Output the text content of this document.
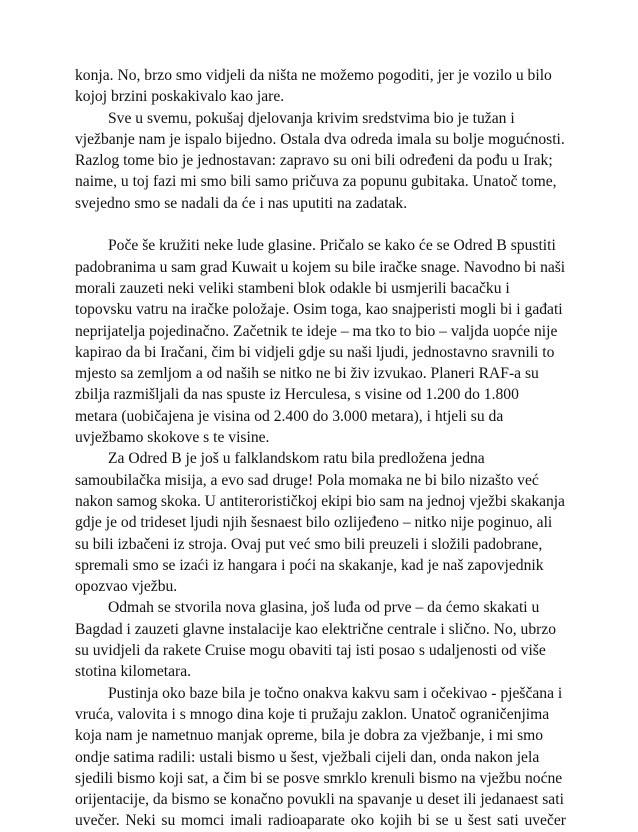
konja. No, brzo smo vidjeli da ništa ne možemo pogoditi, jer je vozilo u bilo
kojoj brzini poskakivalo kao jare.
Sve u svemu, pokušaj djelovanja krivim sredstvima bio je tužan i
vježbanje nam je ispalo bijedno. Ostala dva odreda imala su bolje mogućnosti.
Razlog tome bio je jednostavan: zapravo su oni bili određeni da pođu u Irak;
naime, u toj fazi mi smo bili samo pričuva za popunu gubitaka. Unatoč tome,
svejedno smo se nadali da će i nas uputiti na zadatak.
Poče še kružiti neke lude glasine. Pričalo se kako će se Odred B spustiti
padobranima u sam grad Kuwait u kojem su bile iračke snage. Navodno bi naši
morali zauzeti neki veliki stambeni blok odakle bi usmjerili bacačku i
topovsku vatru na iračke položaje. Osim toga, kao snajperisti mogli bi i gađati
neprijatelja pojedinačno. Začetnik te ideje – ma tko to bio – valjda uopće nije
kapirao da bi Iračani, čim bi vidjeli gdje su naši ljudi, jednostavno sravnili to
mjesto sa zemljom a od naših se nitko ne bi živ izvukao. Planeri RAF-a su
zbilja razmišljali da nas spuste iz Herculesa, s visine od 1.200 do 1.800
metara (uobičajena je visina od 2.400 do 3.000 metara), i htjeli su da
uvježbamo skokove s te visine.
Za Odred B je još u falklandskom ratu bila predložena jedna
samoubilačka misija, a evo sad druge! Pola momaka ne bi bilo nizašto već
nakon samog skoka. U antiterorističkoj ekipi bio sam na jednoj vježbi skakanja
gdje je od trideset ljudi njih šesnaest bilo ozlijeđeno – nitko nije poginuo, ali
su bili izbačeni iz stroja. Ovaj put već smo bili preuzeli i složili padobrane,
spremali smo se izaći iz hangara i poći na skakanje, kad je naš zapovjednik
opozvao vježbu.
Odmah se stvorila nova glasina, još luđa od prve – da ćemo skakati u
Bagdad i zauzeti glavne instalacije kao električne centrale i slično. No, ubrzo
su uvidjeli da rakete Cruise mogu obaviti taj isti posao s udaljenosti od više
stotina kilometara.
Pustinja oko baze bila je točno onakva kakvu sam i očekivao - pješčana i
vruća, valovita i s mnogo dina koje ti pružaju zaklon. Unatoč ograničenjima
koja nam je nametnuo manjak opreme, bila je dobra za vježbanje, i mi smo
ondje satima radili: ustali bismo u šest, vježbali cijeli dan, onda nakon jela
sjedili bismo koji sat, a čim bi se posve smrklo krenuli bismo na vježbu noćne
orijentacije, da bismo se konačno povukli na spavanje u deset ili jedanaest sati
uvečer. Neki su momci imali radioaparate oko kojih bi se u šest sati uvečer
